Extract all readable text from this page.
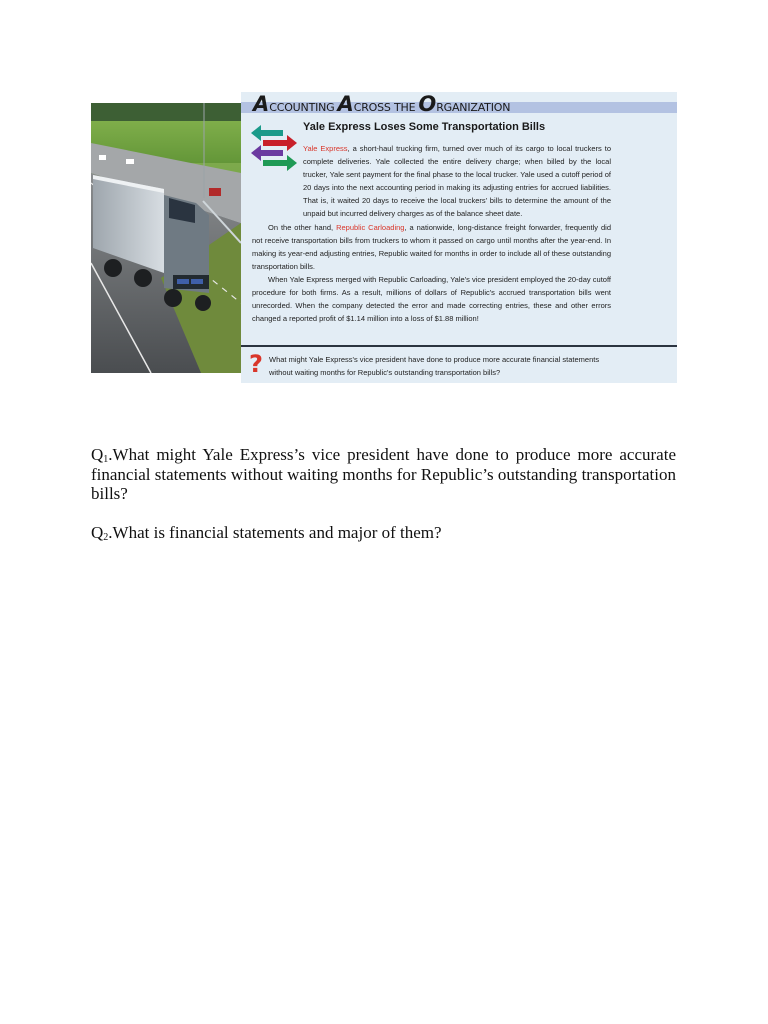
ACCOUNTING ACROSS THE ORGANIZATION
Yale Express Loses Some Transportation Bills

Yale Express, a short-haul trucking firm, turned over much of its cargo to local truckers to complete deliveries. Yale collected the entire delivery charge; when billed by the local trucker, Yale sent payment for the final phase to the local trucker. Yale used a cutoff period of 20 days into the next accounting period in making its adjusting entries for accrued liabilities. That is, it waited 20 days to receive the local truckers' bills to determine the amount of the unpaid but incurred delivery charges as of the balance sheet date.

On the other hand, Republic Carloading, a nationwide, long-distance freight forwarder, frequently did not receive transportation bills from truckers to whom it passed on cargo until months after the year-end. In making its year-end adjusting entries, Republic waited for months in order to include all of these outstanding transportation bills.

When Yale Express merged with Republic Carloading, Yale's vice president employed the 20-day cutoff procedure for both firms. As a result, millions of dollars of Republic's accrued transportation bills went unrecorded. When the company detected the error and made correcting entries, these and other errors changed a reported profit of $1.14 million into a loss of $1.88 million!

? What might Yale Express's vice president have done to produce more accurate financial statements without waiting months for Republic's outstanding transportation bills?

$Q_1.What$ might Yale Express’s vice president have done to produce more accurate financial statements without waiting months for Republic’s outstanding transportation bills?

$Q_2.What$ is financial statements and major of them?
